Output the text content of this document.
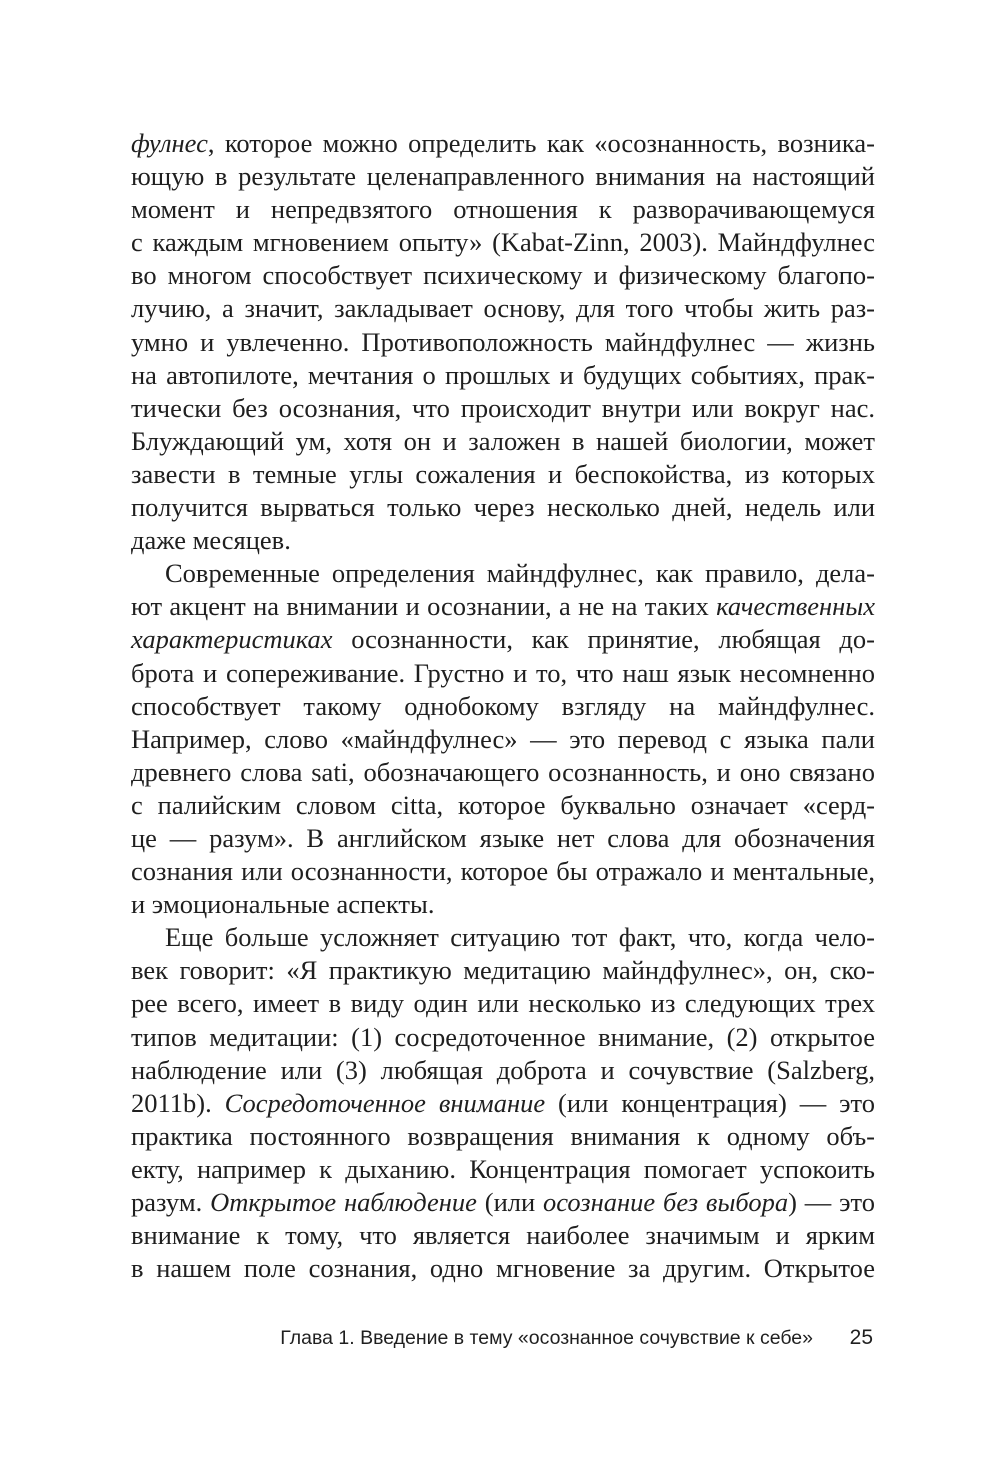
фулнес, которое можно определить как «осознанность, возника-
ющую в результате целенаправленного внимания на настоящий
момент и непредвзятого отношения к разворачивающемуся
с каждым мгновением опыту» (Kabat-Zinn, 2003). Майндфулнес
во многом способствует психическому и физическому благопо-
лучию, а значит, закладывает основу, для того чтобы жить раз-
умно и увлеченно. Противоположность майндфулнес — жизнь
на автопилоте, мечтания о прошлых и будущих событиях, прак-
тически без осознания, что происходит внутри или вокруг нас.
Блуждающий ум, хотя он и заложен в нашей биологии, может
завести в темные углы сожаления и беспокойства, из которых
получится вырваться только через несколько дней, недель или
даже месяцев.
Современные определения майндфулнес, как правило, дела-
ют акцент на внимании и осознании, а не на таких качественных
характеристиках осознанности, как принятие, любящая до-
брота и сопереживание. Грустно и то, что наш язык несомненно
способствует такому однобокому взгляду на майндфулнес.
Например, слово «майндфулнес» — это перевод с языка пали
древнего слова sati, обозначающего осознанность, и оно связано
с палийским словом citta, которое буквально означает «серд-
це — разум». В английском языке нет слова для обозначения
сознания или осознанности, которое бы отражало и ментальные,
и эмоциональные аспекты.
Еще больше усложняет ситуацию тот факт, что, когда чело-
век говорит: «Я практикую медитацию майндфулнес», он, ско-
рее всего, имеет в виду один или несколько из следующих трех
типов медитации: (1) сосредоточенное внимание, (2) открытое
наблюдение или (3) любящая доброта и сочувствие (Salzberg,
2011b). Сосредоточенное внимание (или концентрация) — это
практика постоянного возвращения внимания к одному объ-
екту, например к дыханию. Концентрация помогает успокоить
разум. Открытое наблюдение (или осознание без выбора) — это
внимание к тому, что является наиболее значимым и ярким
в нашем поле сознания, одно мгновение за другим. Открытое
Глава 1. Введение в тему «осознанное сочувствие к себе» 25
